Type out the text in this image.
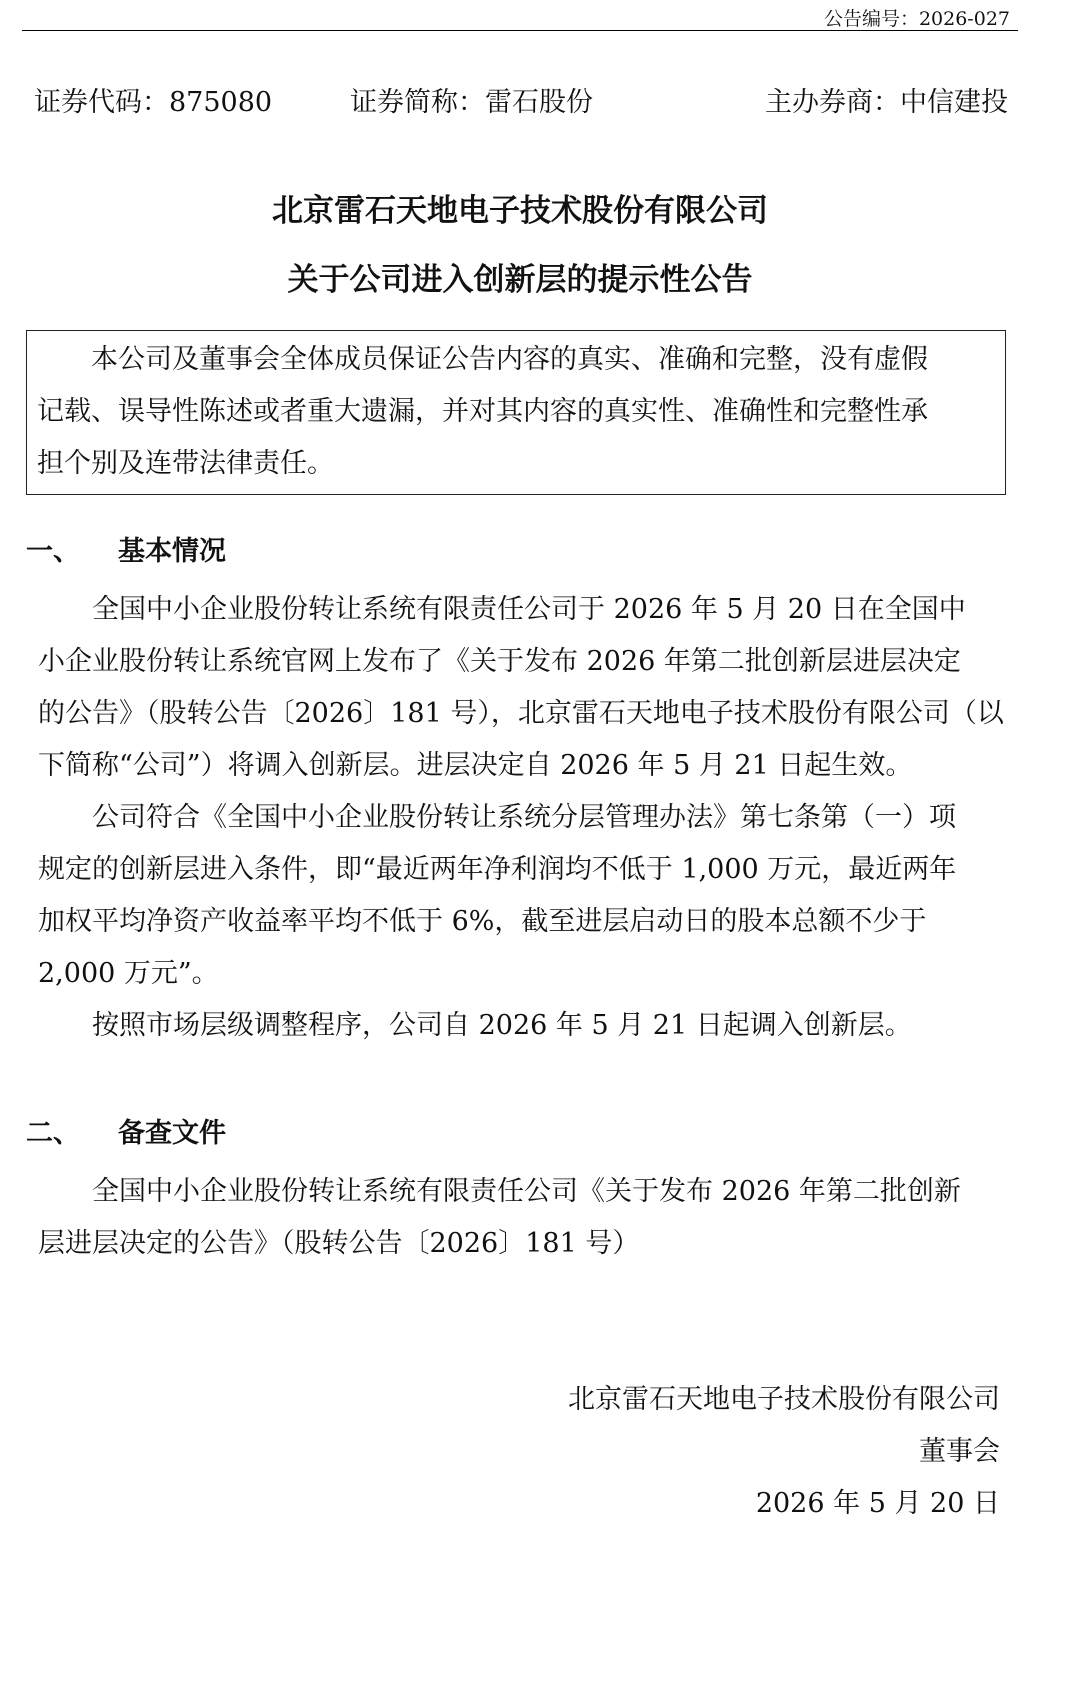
公告编号：2026-027
证券代码：875080	证券简称：雷石股份	主办券商：中信建投
北京雷石天地电子技术股份有限公司
关于公司进入创新层的提示性公告
本公司及董事会全体成员保证公告内容的真实、准确和完整，没有虚假
记载、误导性陈述或者重大遗漏，并对其内容的真实性、准确性和完整性承
担个别及连带法律责任。
一、 基本情况
全国中小企业股份转让系统有限责任公司于 2026 年 5 月 20 日在全国中
小企业股份转让系统官网上发布了《关于发布 2026 年第二批创新层进层决定
的公告》（股转公告〔2026〕181 号），北京雷石天地电子技术股份有限公司（以
下简称“公司”）将调入创新层。进层决定自 2026 年 5 月 21 日起生效。
公司符合《全国中小企业股份转让系统分层管理办法》第七条第（一）项
规定的创新层进入条件，即“最近两年净利润均不低于 1,000 万元，最近两年
加权平均净资产收益率平均不低于 6%，截至进层启动日的股本总额不少于
2,000 万元”。
按照市场层级调整程序，公司自 2026 年 5 月 21 日起调入创新层。
二、 备查文件
全国中小企业股份转让系统有限责任公司《关于发布 2026 年第二批创新
层进层决定的公告》（股转公告〔2026〕181 号）
北京雷石天地电子技术股份有限公司
董事会
2026 年 5 月 20 日
